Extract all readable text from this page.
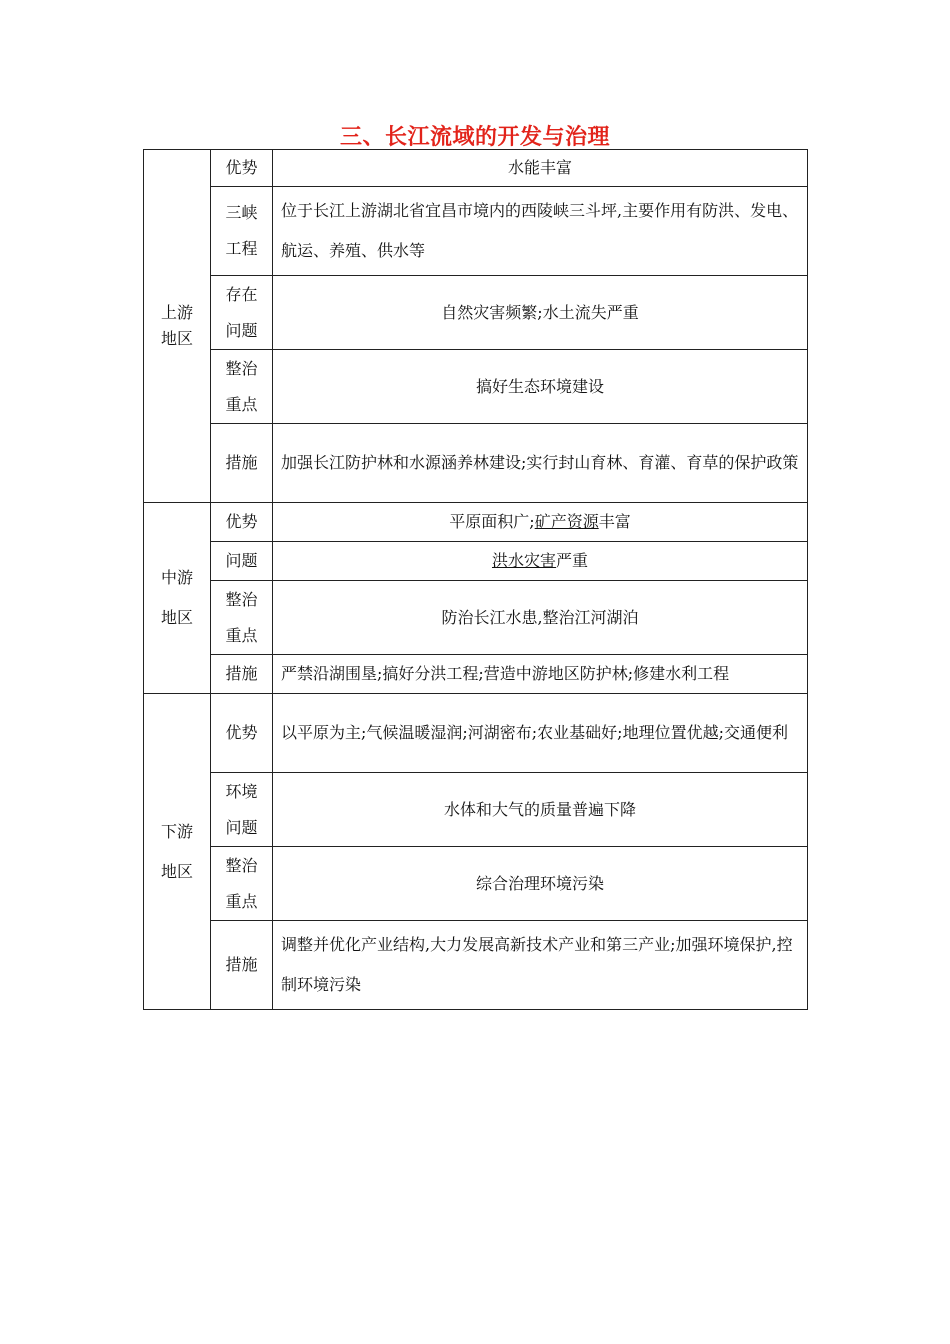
三、长江流域的开发与治理
上游
地区	优势	水能丰富

	三峡
工程	位于长江上游湖北省宜昌市境内的西陵峡三斗坪,主要作用有防洪、发电、航运、养殖、供水等

	存在
问题	自然灾害频繁;水土流失严重

	整治
重点	搞好生态环境建设

	措施	加强长江防护林和水源涵养林建设;实行封山育林、育灌、育草的保护政策

中游
地区	优势	平原面积广;矿产资源丰富

	问题	洪水灾害严重

	整治
重点	防治长江水患,整治江河湖泊

	措施	严禁沿湖围垦;搞好分洪工程;营造中游地区防护林;修建水利工程

下游
地区	优势	以平原为主;气候温暖湿润;河湖密布;农业基础好;地理位置优越;交通便利

	环境
问题	水体和大气的质量普遍下降

	整治
重点	综合治理环境污染

	措施	调整并优化产业结构,大力发展高新技术产业和第三产业;加强环境保护,控制环境污染
